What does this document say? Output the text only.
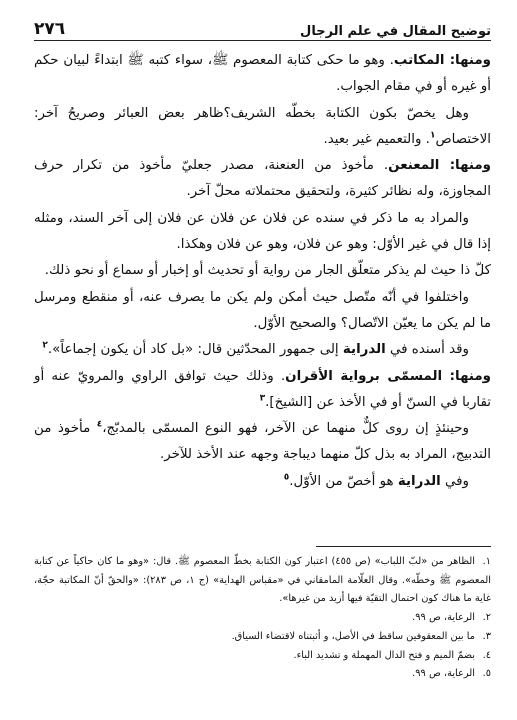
٢٧٦	توضيح المقال في علم الرجال

ومنها: المكاتب. وهو ما حكى كتابة المعصوم ﷺ، سواء كتبه ﷺ ابتداءً لبيان حكم أو غيره أو في مقام الجواب.

وهل يخصّ بكون الكتابة بخطّه الشريف؟ظاهر بعض العبائر وصريحُ آخر: الاختصاص$^١$. والتعميم غير بعيد.

ومنها: المعنعن. مأخوذ من العنعنة، مصدر جعليّ مأخوذ من تكرار حرف المجاوزة، وله نظائر كثيرة، ولتحقيق محتملاته محلّ آخر.

والمراد به ما ذكر في سنده عن فلان عن فلان عن فلان إلى آخر السند، ومثله إذا قال في غير الأوّل: وهو عن فلان، وهو عن فلان وهكذا.

كلّ ذا حيث لم يذكر متعلّق الجار من رواية أو تحديث أو إخبار أو سماع أو نحو ذلك.

واختلفوا في أنّه متّصل حيث أمكن ولم يكن ما يصرف عنه، أو منقطع ومرسل ما لم يكن ما يعيّن الاتّصال؟ والصحيح الأوّل.

وقد أسنده في الدراية إلى جمهور المحدّثين قال: «بل كاد أن يكون إجماعاً».$^٢$

ومنها: المسمّى برواية الأقران. وذلك حيث توافق الراوي والمرويّ عنه أو تقاربا في السنّ أو في الأخذ عن [الشيخ].$^٣$

وحينئذٍ إن روى كلٌّ منهما عن الآخر، فهو النوع المسمّى بالمدبّج،$^٤$ مأخوذ من التدبيج، المراد به بذل كلّ منهما ديباجة وجهه عند الأخذ للآخر.

وفي الدراية هو أخصّ من الأوّل.$^٥$

١.الظاهر من «لبّ اللباب» (ص ٤٥٥) اعتبار كون الكتابة بخطّ المعصوم ﷺ. قال: «وهو ما كان حاكياً عن كتابة المعصوم ﷺ وخطّه». وقال العلّامة المامقاني في «مقباس الهداية» (ج ١، ص ٢٨٣): «والحقّ أنّ المكاتبة حجّة، غاية ما هناك كون احتمال التقيّة فيها أزيد من غيرها».

٢.الرعاية، ص ٩٩.

٣.ما بين المعقوفين ساقط في الأصل، و أثبتناه لاقتضاء السياق.

٤.بضمّ الميم و فتح الدال المهملة و تشديد الباء.

٥.الرعاية، ص ٩٩.
